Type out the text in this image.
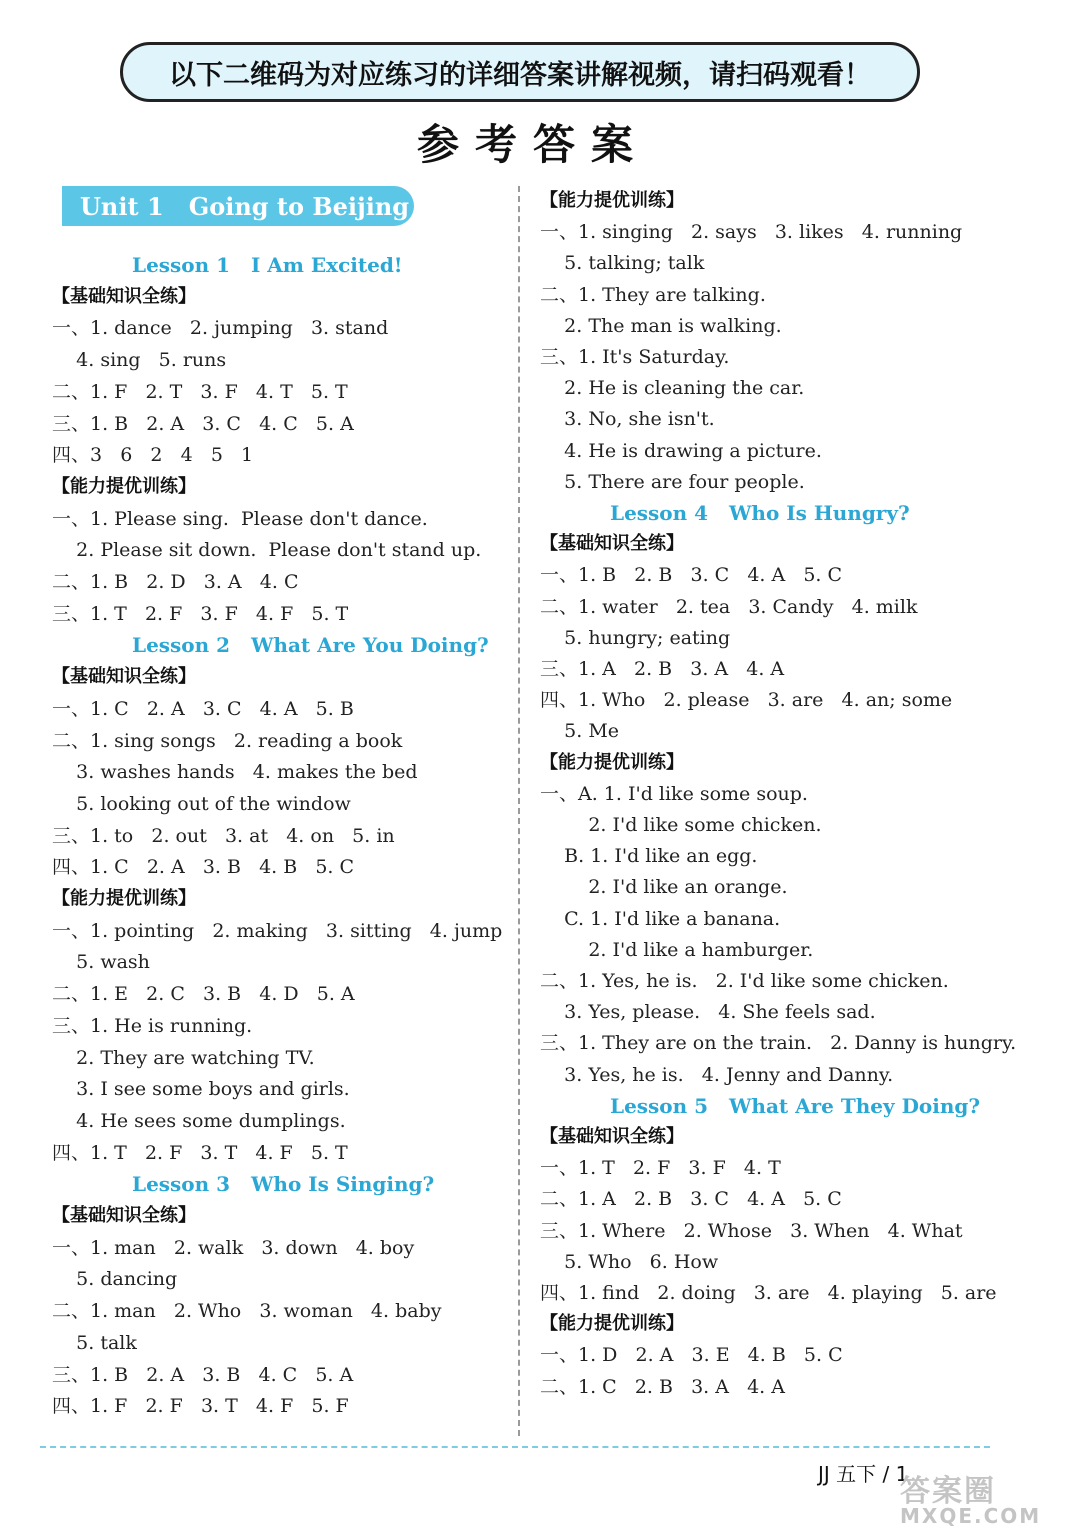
以下二维码为对应练习的详细答案讲解视频，请扫码观看！
参考答案
Unit 1   Going to Beijing
Lesson 1   I Am Excited!
【基础知识全练】
一、1. dance   2. jumping   3. stand
4. sing   5. runs
二、1. F   2. T   3. F   4. T   5. T
三、1. B   2. A   3. C   4. C   5. A
四、3   6   2   4   5   1
【能力提优训练】
一、1. Please sing.  Please don't dance.
2. Please sit down.  Please don't stand up.
二、1. B   2. D   3. A   4. C
三、1. T   2. F   3. F   4. F   5. T
Lesson 2   What Are You Doing?
【基础知识全练】
一、1. C   2. A   3. C   4. A   5. B
二、1. sing songs   2. reading a book
3. washes hands   4. makes the bed
5. looking out of the window
三、1. to   2. out   3. at   4. on   5. in
四、1. C   2. A   3. B   4. B   5. C
【能力提优训练】
一、1. pointing   2. making   3. sitting   4. jump
5. wash
二、1. E   2. C   3. B   4. D   5. A
三、1. He is running.
2. They are watching TV.
3. I see some boys and girls.
4. He sees some dumplings.
四、1. T   2. F   3. T   4. F   5. T
Lesson 3   Who Is Singing?
【基础知识全练】
一、1. man   2. walk   3. down   4. boy
5. dancing
二、1. man   2. Who   3. woman   4. baby
5. talk
三、1. B   2. A   3. B   4. C   5. A
四、1. F   2. F   3. T   4. F   5. F
【能力提优训练】
一、1. singing   2. says   3. likes   4. running
5. talking; talk
二、1. They are talking.
2. The man is walking.
三、1. It's Saturday.
2. He is cleaning the car.
3. No, she isn't.
4. He is drawing a picture.
5. There are four people.
Lesson 4   Who Is Hungry?
【基础知识全练】
一、1. B   2. B   3. C   4. A   5. C
二、1. water   2. tea   3. Candy   4. milk
5. hungry; eating
三、1. A   2. B   3. A   4. A
四、1. Who   2. please   3. are   4. an; some
5. Me
【能力提优训练】
一、A. 1. I'd like some soup.
2. I'd like some chicken.
B. 1. I'd like an egg.
2. I'd like an orange.
C. 1. I'd like a banana.
2. I'd like a hamburger.
二、1. Yes, he is.   2. I'd like some chicken.
3. Yes, please.   4. She feels sad.
三、1. They are on the train.   2. Danny is hungry.
3. Yes, he is.   4. Jenny and Danny.
Lesson 5   What Are They Doing?
【基础知识全练】
一、1. T   2. F   3. F   4. T
二、1. A   2. B   3. C   4. A   5. C
三、1. Where   2. Whose   3. When   4. What
5. Who   6. How
四、1. find   2. doing   3. are   4. playing   5. are
【能力提优训练】
一、1. D   2. A   3. E   4. B   5. C
二、1. C   2. B   3. A   4. A
JJ 五下 / 1
答案圈
MXQE.COM
